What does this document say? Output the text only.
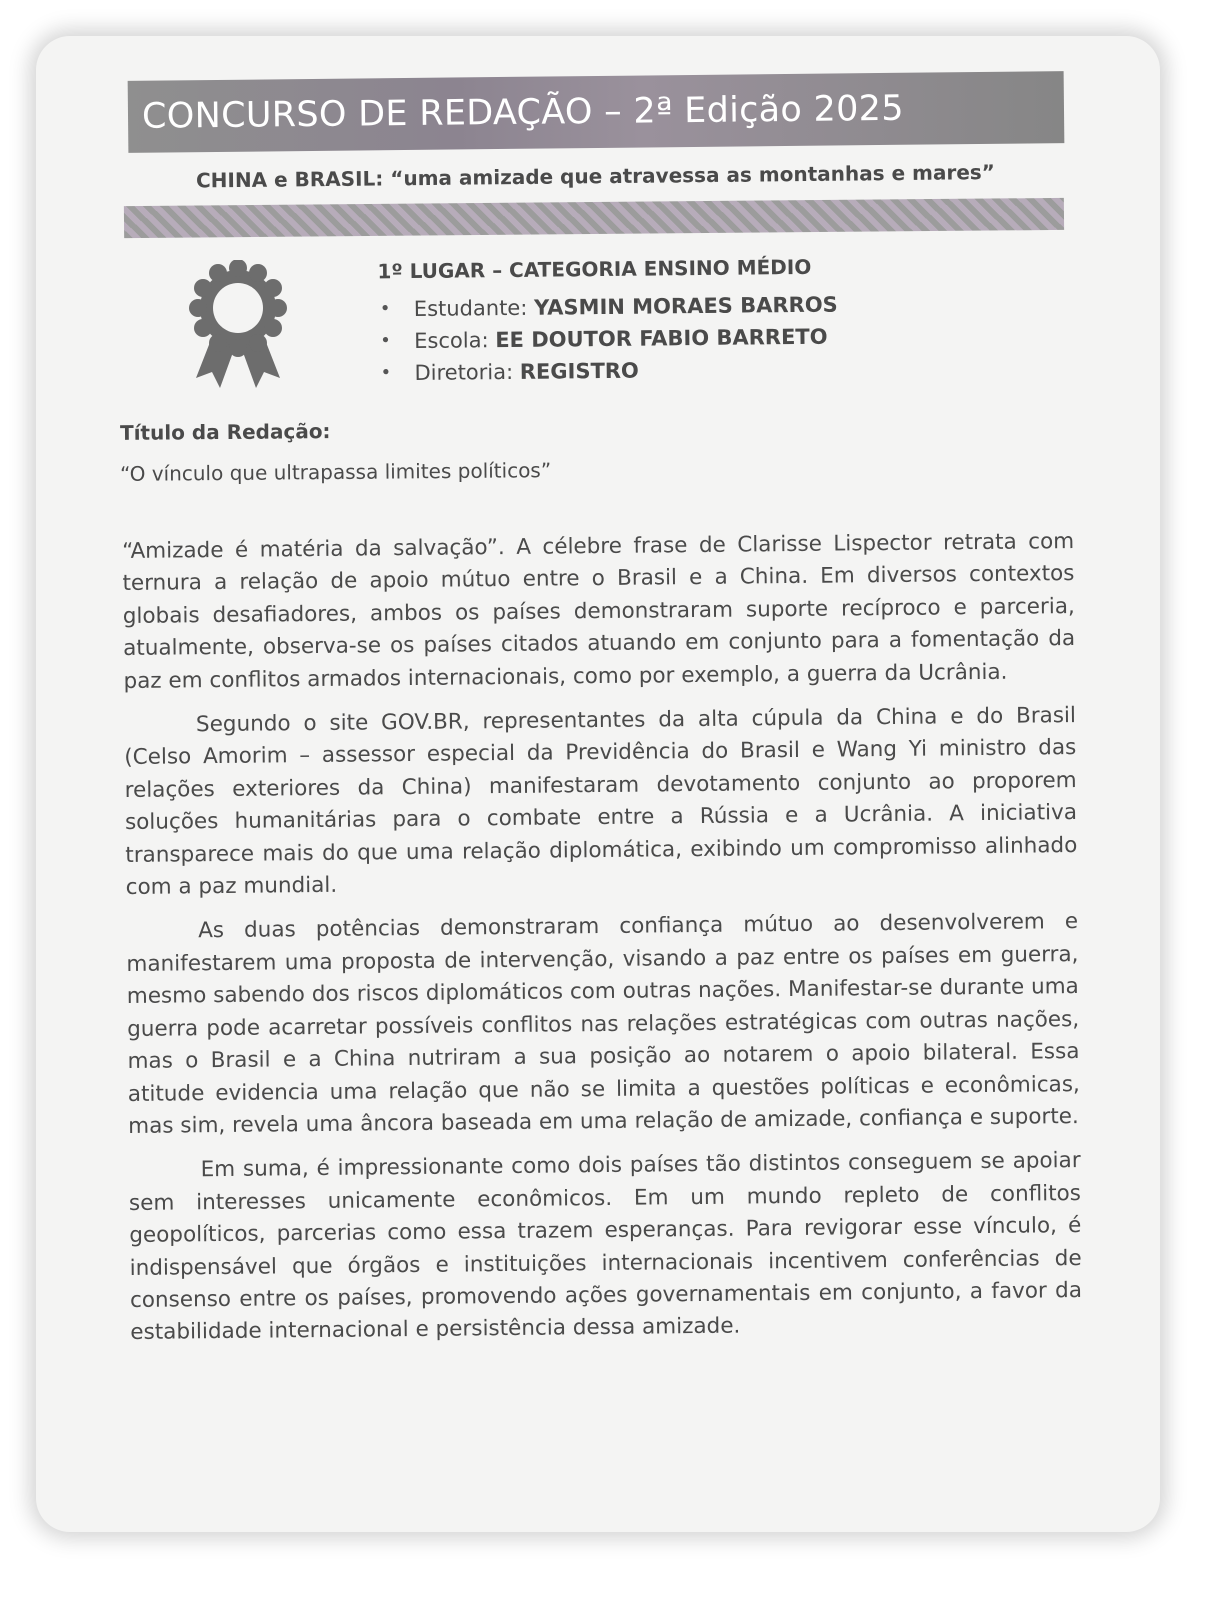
CONCURSO DE REDAÇÃO – 2ª Edição 2025
CHINA e BRASIL: “uma amizade que atravessa as montanhas e mares”
1º LUGAR – CATEGORIA ENSINO MÉDIO
• Estudante: YASMIN MORAES BARROS
• Escola: EE DOUTOR FABIO BARRETO
• Diretoria: REGISTRO
Título da Redação:
“O vínculo que ultrapassa limites políticos”

“Amizade é matéria da salvação”. A célebre frase de Clarisse Lispector retrata com ternura a relação de apoio mútuo entre o Brasil e a China. Em diversos contextos globais desafiadores, ambos os países demonstraram suporte recíproco e parceria, atualmente, observa-se os países citados atuando em conjunto para a fomentação da paz em conflitos armados internacionais, como por exemplo, a guerra da Ucrânia.

Segundo o site GOV.BR, representantes da alta cúpula da China e do Brasil (Celso Amorim – assessor especial da Previdência do Brasil e Wang Yi ministro das relações exteriores da China) manifestaram devotamento conjunto ao proporem soluções humanitárias para o combate entre a Rússia e a Ucrânia. A iniciativa transparece mais do que uma relação diplomática, exibindo um compromisso alinhado com a paz mundial.

As duas potências demonstraram confiança mútuo ao desenvolverem e manifestarem uma proposta de intervenção, visando a paz entre os países em guerra, mesmo sabendo dos riscos diplomáticos com outras nações. Manifestar-se durante uma guerra pode acarretar possíveis conflitos nas relações estratégicas com outras nações, mas o Brasil e a China nutriram a sua posição ao notarem o apoio bilateral. Essa atitude evidencia uma relação que não se limita a questões políticas e econômicas, mas sim, revela uma âncora baseada em uma relação de amizade, confiança e suporte.

Em suma, é impressionante como dois países tão distintos conseguem se apoiar sem interesses unicamente econômicos. Em um mundo repleto de conflitos geopolíticos, parcerias como essa trazem esperanças. Para revigorar esse vínculo, é indispensável que órgãos e instituições internacionais incentivem conferências de consenso entre os países, promovendo ações governamentais em conjunto, a favor da estabilidade internacional e persistência dessa amizade.
